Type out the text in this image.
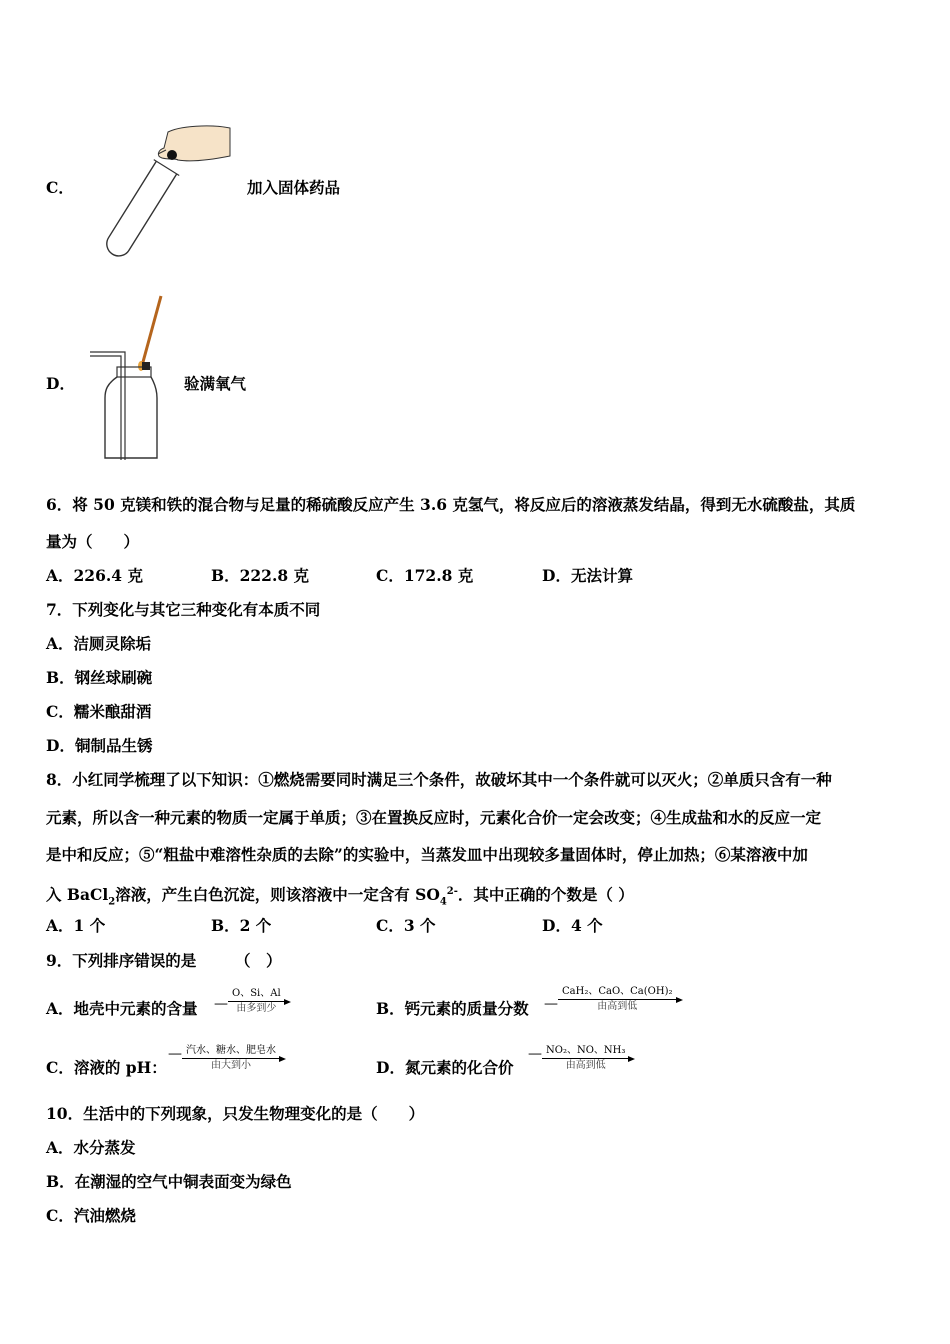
C．	加入固体药品
D．	验满氧气
6．将 50 克镁和铁的混合物与足量的稀硫酸反应产生 3.6 克氢气，将反应后的溶液蒸发结晶，得到无水硫酸盐，其质
量为（　　）
A．226.4 克	B．222.8 克	C．172.8 克	D．无法计算
7．下列变化与其它三种变化有本质不同
A．洁厕灵除垢
B．钢丝球刷碗
C．糯米酿甜酒
D．铜制品生锈
8．小红同学梳理了以下知识：①燃烧需要同时满足三个条件，故破坏其中一个条件就可以灭火；②单质只含有一种
元素，所以含一种元素的物质一定属于单质；③在置换反应时，元素化合价一定会改变；④生成盐和水的反应一定
是中和反应；⑤“粗盐中难溶性杂质的去除”的实验中，当蒸发皿中出现较多量固体时，停止加热；⑥某溶液中加
入 BaCl$_2$溶液，产生白色沉淀，则该溶液中一定含有 $SO_4^{2-}$．其中正确的个数是（ ）
A．1 个	B．2 个	C．3 个	D．4 个
9．下列排序错误的是　　　（　）
A．地壳中元素的含量 —
O、Si、Al
由多到少	B．钙元素的质量分数 —
CaH₂、CaO、Ca(OH)₂
由高到低
C．溶液的 pH：
— 汽水、糖水、肥皂水
由大到小	D．氮元素的化合价
— NO₂、NO、NH₃
由高到低
10．生活中的下列现象，只发生物理变化的是（　　）
A．水分蒸发
B．在潮湿的空气中铜表面变为绿色
C．汽油燃烧
